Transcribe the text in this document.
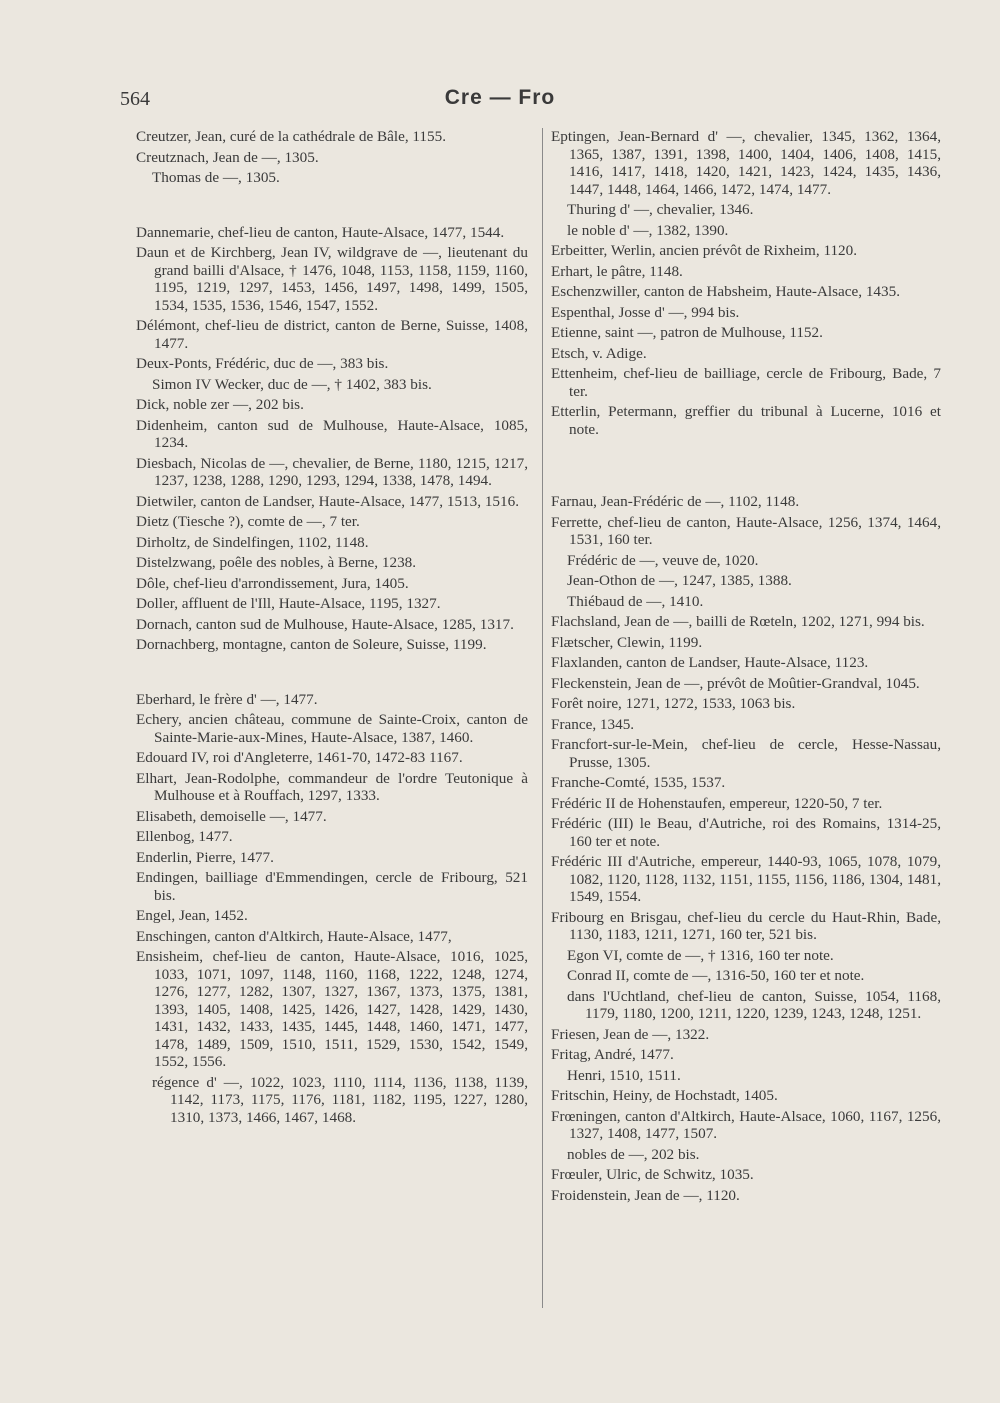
564	Cre — Fro
Creutzer, Jean, curé de la cathédrale de Bâle, 1155.
Creutznach, Jean de —, 1305.
Thomas de —, 1305.
Dannemarie, chef-lieu de canton, Haute-Alsace, 1477, 1544.
Daun et de Kirchberg, Jean IV, wildgrave de —, lieutenant du grand bailli d'Alsace, † 1476, 1048, 1153, 1158, 1159, 1160, 1195, 1219, 1297, 1453, 1456, 1497, 1498, 1499, 1505, 1534, 1535, 1536, 1546, 1547, 1552.
Délémont, chef-lieu de district, canton de Berne, Suisse, 1408, 1477.
Deux-Ponts, Frédéric, duc de —, 383 bis.
Simon IV Wecker, duc de —, † 1402, 383 bis.
Dick, noble zer —, 202 bis.
Didenheim, canton sud de Mulhouse, Haute-Alsace, 1085, 1234.
Diesbach, Nicolas de —, chevalier, de Berne, 1180, 1215, 1217, 1237, 1238, 1288, 1290, 1293, 1294, 1338, 1478, 1494.
Dietwiler, canton de Landser, Haute-Alsace, 1477, 1513, 1516.
Dietz (Tiesche ?), comte de —, 7 ter.
Dirholtz, de Sindelfingen, 1102, 1148.
Distelzwang, poêle des nobles, à Berne, 1238.
Dôle, chef-lieu d'arrondissement, Jura, 1405.
Doller, affluent de l'Ill, Haute-Alsace, 1195, 1327.
Dornach, canton sud de Mulhouse, Haute-Alsace, 1285, 1317.
Dornachberg, montagne, canton de Soleure, Suisse, 1199.
Eberhard, le frère d' —, 1477.
Echery, ancien château, commune de Sainte-Croix, canton de Sainte-Marie-aux-Mines, Haute-Alsace, 1387, 1460.
Edouard IV, roi d'Angleterre, 1461-70, 1472-83 1167.
Elhart, Jean-Rodolphe, commandeur de l'ordre Teutonique à Mulhouse et à Rouffach, 1297, 1333.
Elisabeth, demoiselle —, 1477.
Ellenbog, 1477.
Enderlin, Pierre, 1477.
Endingen, bailliage d'Emmendingen, cercle de Fribourg, 521 bis.
Engel, Jean, 1452.
Enschingen, canton d'Altkirch, Haute-Alsace, 1477,
Ensisheim, chef-lieu de canton, Haute-Alsace, 1016, 1025, 1033, 1071, 1097, 1148, 1160, 1168, 1222, 1248, 1274, 1276, 1277, 1282, 1307, 1327, 1367, 1373, 1375, 1381, 1393, 1405, 1408, 1425, 1426, 1427, 1428, 1429, 1430, 1431, 1432, 1433, 1435, 1445, 1448, 1460, 1471, 1477, 1478, 1489, 1509, 1510, 1511, 1529, 1530, 1542, 1549, 1552, 1556.
régence d' —, 1022, 1023, 1110, 1114, 1136, 1138, 1139, 1142, 1173, 1175, 1176, 1181, 1182, 1195, 1227, 1280, 1310, 1373, 1466, 1467, 1468.
Eptingen, Jean-Bernard d' —, chevalier, 1345, 1362, 1364, 1365, 1387, 1391, 1398, 1400, 1404, 1406, 1408, 1415, 1416, 1417, 1418, 1420, 1421, 1423, 1424, 1435, 1436, 1447, 1448, 1464, 1466, 1472, 1474, 1477.
Thuring d' —, chevalier, 1346.
le noble d' —, 1382, 1390.
Erbeitter, Werlin, ancien prévôt de Rixheim, 1120.
Erhart, le pâtre, 1148.
Eschenzwiller, canton de Habsheim, Haute-Alsace, 1435.
Espenthal, Josse d' —, 994 bis.
Etienne, saint —, patron de Mulhouse, 1152.
Etsch, v. Adige.
Ettenheim, chef-lieu de bailliage, cercle de Fribourg, Bade, 7 ter.
Etterlin, Petermann, greffier du tribunal à Lucerne, 1016 et note.
Farnau, Jean-Frédéric de —, 1102, 1148.
Ferrette, chef-lieu de canton, Haute-Alsace, 1256, 1374, 1464, 1531, 160 ter.
Frédéric de —, veuve de, 1020.
Jean-Othon de —, 1247, 1385, 1388.
Thiébaud de —, 1410.
Flachsland, Jean de —, bailli de Rœteln, 1202, 1271, 994 bis.
Flætscher, Clewin, 1199.
Flaxlanden, canton de Landser, Haute-Alsace, 1123.
Fleckenstein, Jean de —, prévôt de Moûtier-Grandval, 1045.
Forêt noire, 1271, 1272, 1533, 1063 bis.
France, 1345.
Francfort-sur-le-Mein, chef-lieu de cercle, Hesse-Nassau, Prusse, 1305.
Franche-Comté, 1535, 1537.
Frédéric II de Hohenstaufen, empereur, 1220-50, 7 ter.
Frédéric (III) le Beau, d'Autriche, roi des Romains, 1314-25, 160 ter et note.
Frédéric III d'Autriche, empereur, 1440-93, 1065, 1078, 1079, 1082, 1120, 1128, 1132, 1151, 1155, 1156, 1186, 1304, 1481, 1549, 1554.
Fribourg en Brisgau, chef-lieu du cercle du Haut-Rhin, Bade, 1130, 1183, 1211, 1271, 160 ter, 521 bis.
Egon VI, comte de —, † 1316, 160 ter note.
Conrad II, comte de —, 1316-50, 160 ter et note.
dans l'Uchtland, chef-lieu de canton, Suisse, 1054, 1168, 1179, 1180, 1200, 1211, 1220, 1239, 1243, 1248, 1251.
Friesen, Jean de —, 1322.
Fritag, André, 1477.
Henri, 1510, 1511.
Fritschin, Heiny, de Hochstadt, 1405.
Frœningen, canton d'Altkirch, Haute-Alsace, 1060, 1167, 1256, 1327, 1408, 1477, 1507.
nobles de —, 202 bis.
Frœuler, Ulric, de Schwitz, 1035.
Froidenstein, Jean de —, 1120.
